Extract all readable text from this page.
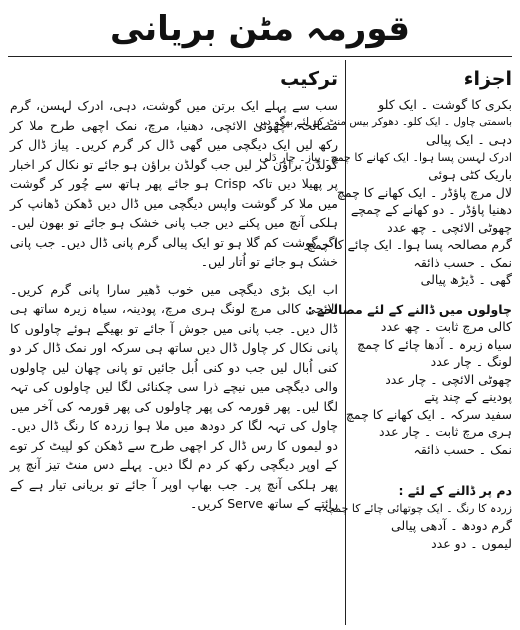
قورمہ مٹن بریانی
اجزاء
بکری کا گوشت ۔ ایک کلو
باسمتی چاول ۔ ایک کلو۔ دھوکر بیس منٹ کے لئے بھگو دیں
دہی ۔ ایک پیالی
ادرک لہسن پسا ہوا۔ ایک کھانے کا چمچ۔ پیاز۔ چار دَلی
باریک کٹی ہوئی
لال مرچ پاؤڈر ۔ ایک کھانے کا چمچ
دھنیا پاؤڈر ۔ دو کھانے کے چمچے
چھوٹی الائچی ۔ چھ عدد
گرم مصالحہ پسا ہوا۔ ایک چائے کا چمچ
نمک ۔ حسب ذائقہ
گھی ۔ ڈیڑھ پیالی
چاولوں میں ڈالنے کے لئے مصالحے :
کالی مرچ ثابت ۔ چھ عدد
سیاہ زیرہ ۔ آدھا چائے کا چمچ
لونگ ۔ چار عدد
چھوٹی الائچی ۔ چار عدد
پودینے کے چند پتے
سفید سرکہ ۔ ایک کھانے کا چمچ
ہری مرچ ثابت ۔ چار عدد
نمک ۔ حسب ذائقہ
دم پر ڈالنے کے لئے :
زردہ کا رنگ ۔ ایک چوتھائی چائے کا چمچہ،
گرم دودھ ۔ آدھی پیالی
لیموں ۔ دو عدد
ترکیب

سب سے پہلے ایک برتن میں گوشت، دہی، ادرک لہسن، گرم مصالحہ، چھوٹی الائچی، دھنیا، مرچ، نمک اچھی طرح ملا کر رکھ لیں ایک دیگچی میں گھی ڈال کر گرم کریں۔ پیاز ڈال کر گولڈن براؤن کر لیں جب گولڈن براؤن ہو جائے تو نکال کر اخبار پر پھیلا دیں تاکہ Crisp ہو جائے پھر ہاتھ سے چُور کر گوشت میں ملا کر گوشت واپس دیگچی میں ڈال دیں ڈھکن ڈھانپ کر ہلکی آنچ میں پکنے دیں جب پانی خشک ہو جائے تو بھون لیں۔ اگر گوشت کم گلا ہو تو ایک پیالی گرم پانی ڈال دیں۔ جب پانی خشک ہو جائے تو اُتار لیں۔

اب ایک بڑی دیگچی میں خوب ڈھیر سارا پانی گرم کریں۔ الائچی کالی مرچ لونگ ہری مرچ، پودینہ، سیاہ زیرہ ساتھ ہی ڈال دیں۔ جب پانی میں جوش آ جائے تو بھیگے ہوئے چاولوں کا پانی نکال کر چاول ڈال دیں ساتھ ہی سرکہ اور نمک ڈال کر دو کنی اُبال لیں جب دو کنی اُبل جائیں تو پانی چھان لیں چاولوں والی دیگچی میں نیچے ذرا سی چکنائی لگا لیں چاولوں کی تہہ لگا لیں۔ پھر قورمہ کی پھر چاولوں کی پھر قورمہ کی آخر میں چاول کی تہہ لگا کر دودھ میں ملا ہوا زردہ کا رنگ ڈال دیں۔ دو لیموں کا رس ڈال کر اچھی طرح سے ڈھکن کو لپیٹ کر توے کے اوپر دیگچی رکھ کر دم لگا دیں۔ پہلے دس منٹ تیز آنچ پر پھر ہلکی آنچ پر۔ جب بھاپ اوپر آ جائے تو بریانی تیار ہے کے رائتے کے ساتھ Serve کریں۔
